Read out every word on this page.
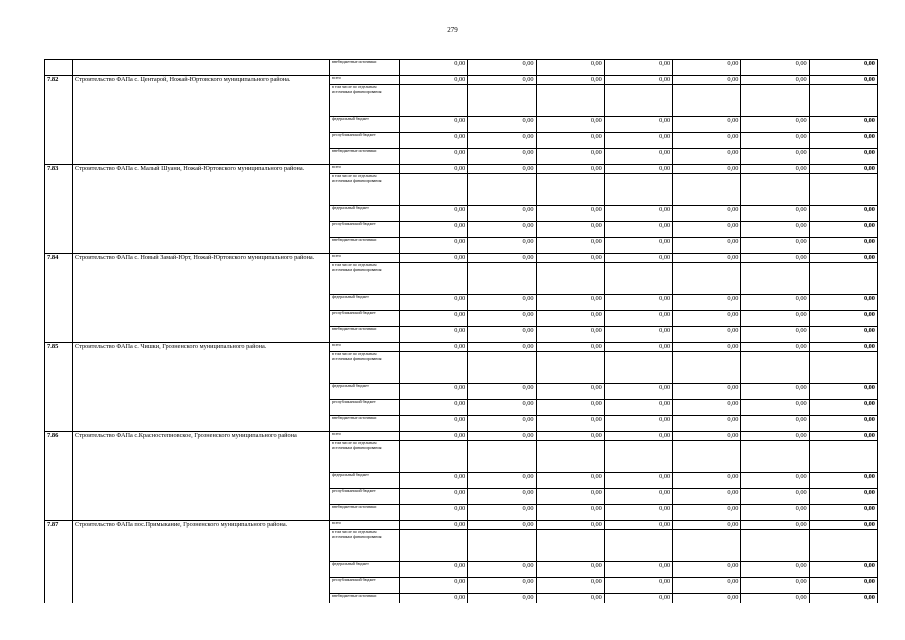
279
		внебюджетные источники	0,00	0,00	0,00	0,00	0,00	0,00	0,00
7.82	Строительство ФАПа с. Центарой, Ножай-Юртовского муниципального района.	всего	0,00	0,00	0,00	0,00	0,00	0,00	0,00
		в том числе по отдельным источникам финансирования							
		федеральный бюджет	0,00	0,00	0,00	0,00	0,00	0,00	0,00
		республиканский бюджет	0,00	0,00	0,00	0,00	0,00	0,00	0,00
		внебюджетные источники	0,00	0,00	0,00	0,00	0,00	0,00	0,00
7.83	Строительство ФАПа с. Малый Шуани, Ножай-Юртовского муниципального района.	всего	0,00	0,00	0,00	0,00	0,00	0,00	0,00
		в том числе по отдельным источникам финансирования							
		федеральный бюджет	0,00	0,00	0,00	0,00	0,00	0,00	0,00
		республиканский бюджет	0,00	0,00	0,00	0,00	0,00	0,00	0,00
		внебюджетные источники	0,00	0,00	0,00	0,00	0,00	0,00	0,00
7.84	Строительство ФАПа с. Новый Замай-Юрт, Ножай-Юртовского муниципального района.	всего	0,00	0,00	0,00	0,00	0,00	0,00	0,00
		в том числе по отдельным источникам финансирования							
		федеральный бюджет	0,00	0,00	0,00	0,00	0,00	0,00	0,00
		республиканский бюджет	0,00	0,00	0,00	0,00	0,00	0,00	0,00
		внебюджетные источники	0,00	0,00	0,00	0,00	0,00	0,00	0,00
7.85	Строительство ФАПа с. Чишки, Грозненского муниципального района.	всего	0,00	0,00	0,00	0,00	0,00	0,00	0,00
		в том числе по отдельным источникам финансирования							
		федеральный бюджет	0,00	0,00	0,00	0,00	0,00	0,00	0,00
		республиканский бюджет	0,00	0,00	0,00	0,00	0,00	0,00	0,00
		внебюджетные источники	0,00	0,00	0,00	0,00	0,00	0,00	0,00
7.86	Строительство ФАПа с.Красностепновское, Грозненского муниципального района	всего	0,00	0,00	0,00	0,00	0,00	0,00	0,00
		в том числе по отдельным источникам финансирования							
		федеральный бюджет	0,00	0,00	0,00	0,00	0,00	0,00	0,00
		республиканский бюджет	0,00	0,00	0,00	0,00	0,00	0,00	0,00
		внебюджетные источники	0,00	0,00	0,00	0,00	0,00	0,00	0,00
7.87	Строительство ФАПа пос.Примыкание, Грозненского муниципального района.	всего	0,00	0,00	0,00	0,00	0,00	0,00	0,00
		в том числе по отдельным источникам финансирования							
		федеральный бюджет	0,00	0,00	0,00	0,00	0,00	0,00	0,00
		республиканский бюджет	0,00	0,00	0,00	0,00	0,00	0,00	0,00
		внебюджетные источники	0,00	0,00	0,00	0,00	0,00	0,00	0,00
